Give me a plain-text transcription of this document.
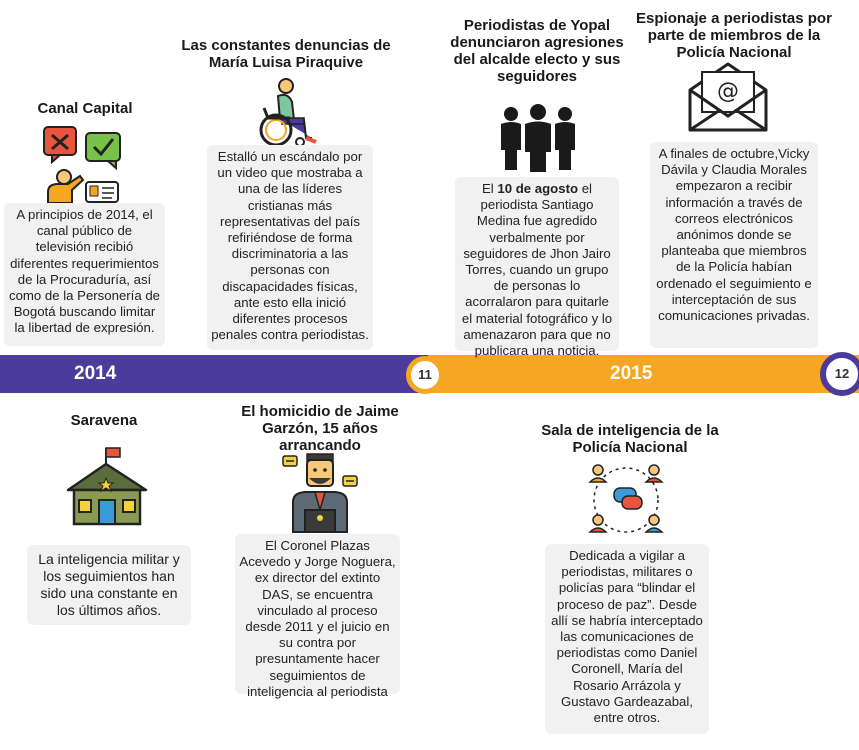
2014	2015
11	12
Canal Capital
A principios de 2014, el canal público de televisión recibió diferentes requerimientos de la Procuraduría, así como de la Personería de Bogotá buscando limitar la libertad de expresión.
Las constantes denuncias de María Luisa Piraquive
Estalló un escándalo por un video que mostraba a una de las líderes cristianas más representativas del país refiriéndose de forma discriminatoria a las personas con discapacidades físicas, ante esto ella inició diferentes procesos penales contra periodistas.
Periodistas de Yopal denunciaron agresiones del alcalde electo y sus seguidores
El 10 de agosto el periodista Santiago Medina fue agredido verbalmente por seguidores de Jhon Jairo Torres, cuando un grupo de personas lo acorralaron para quitarle el material fotográfico y lo amenazaron para que no publicara una noticia.
Espionaje a periodistas por parte de miembros de la Policía Nacional
@
A finales de octubre,Vicky Dávila y Claudia Morales empezaron a recibir información a través de correos electrónicos anónimos donde se planteaba que miembros de la Policía habían ordenado el seguimiento e interceptación de sus comunicaciones privadas.
Saravena
La inteligencia militar y los seguimientos han sido una constante en los últimos años.
El homicidio de Jaime Garzón, 15 años arrancando
El Coronel Plazas Acevedo y Jorge Noguera, ex director del extinto DAS, se encuentra vinculado al proceso desde 2011 y el juicio en su contra por presuntamente hacer seguimientos de inteligencia al periodista
Sala de inteligencia de la Policía Nacional
Dedicada a vigilar a periodistas, militares o policías para “blindar el proceso de paz”. Desde allí se habría interceptado las comunicaciones de periodistas como Daniel Coronell, María del Rosario Arrázola y Gustavo Gardeazabal, entre otros.
